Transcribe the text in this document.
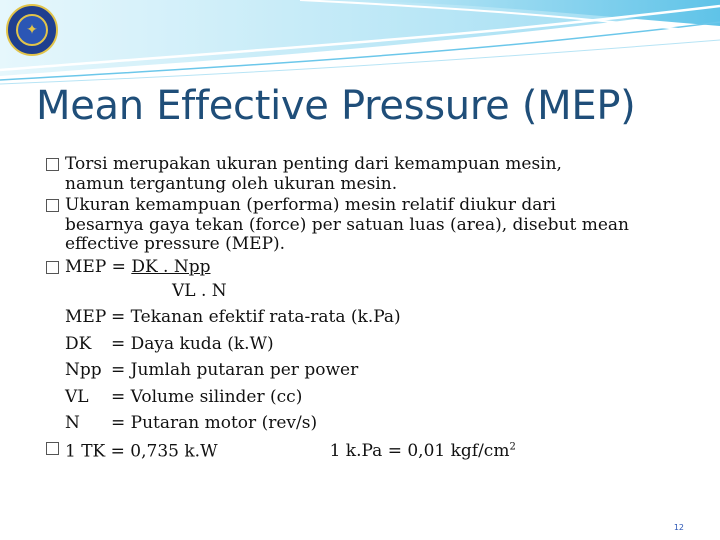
✦
Mean Effective Pressure (MEP)
Torsi merupakan ukuran penting dari kemampuan mesin,
namun tergantung oleh ukuran mesin.
Ukuran kemampuan (performa) mesin relatif diukur dari
besarnya gaya tekan (force) per satuan luas (area), disebut mean
effective pressure (MEP).
MEP = DK . Npp
VL . N
MEP = Tekanan efektif rata-rata (k.Pa)
DK	= Daya kuda (k.W)
Npp = Jumlah putaran per power
VL	= Volume silinder (cc)
N	= Putaran motor (rev/s)
1 TK = 0,735 k.W	1 k.Pa = 0,01 kgf/$cm^2$
12
